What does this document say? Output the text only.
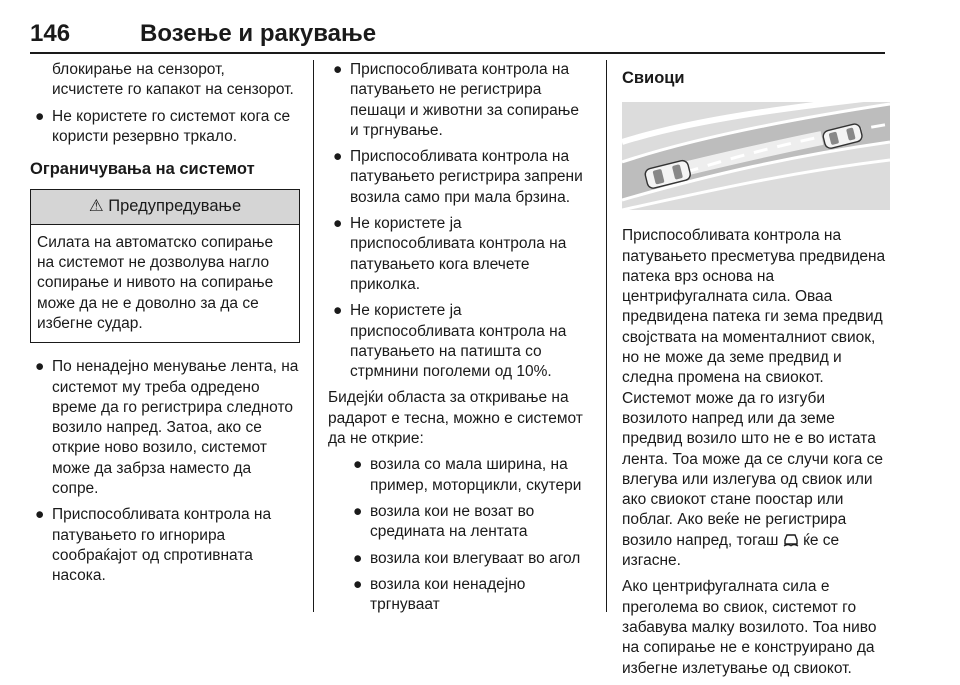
146	Возење и ракување

блокирање на сензорот, исчистете го капакот на сензорот.

● Не користете го системот кога се користи резервно тркало.
Ограничувања на системот
⚠ Предупредување
Силата на автоматско сопирање на системот не дозволува нагло сопирање и нивото на сопирање може да не е доволно за да се избегне судар.
● По ненадејно менување лента, на системот му треба одредено време да го регистрира следното возило напред. Затоа, ако се открие ново возило, системот може да забрза наместо да сопре.
● Приспособливата контрола на патувањето го игнорира сообраќајот од спротивната насока.
● Приспособливата контрола на патувањето не регистрира пешаци и животни за сопирање и тргнување.
● Приспособливата контрола на патувањето регистрира запрени возила само при мала брзина.
● Не користете ја приспособливата контрола на патувањето кога влечете приколка.
● Не користете ја приспособливата контрола на патувањето на патишта со стрмнини поголеми од 10%.

Бидејќи областа за откривање на радарот е тесна, можно е системот да не открие:

● возила со мала ширина, на пример, моторцикли, скутери
● возила кои не возат во средината на лентата
● возила кои влегуваат во агол
● возила кои ненадејно тргнуваат
Свиоци

Приспособливата контрола на патувањето пресметува предвидена патека врз основа на центрифугалната сила. Оваа предвидена патека ги зема предвид својствата на моменталниот свиок, но не може да земе предвид и следна промена на свиокот. Системот може да го изгуби возилото напред или да земе предвид возило што не е во истата лента. Тоа може да се случи кога се влегува или излегува од свиок или ако свиокот стане поостар или поблаг. Ако веќе не регистрира возило напред, тогаш ќе се изгасне.

Ако центрифугалната сила е преголема во свиок, системот го забавува малку возилото. Тоа ниво на сопирање не е конструирано да избегне излетување од свиокот.
